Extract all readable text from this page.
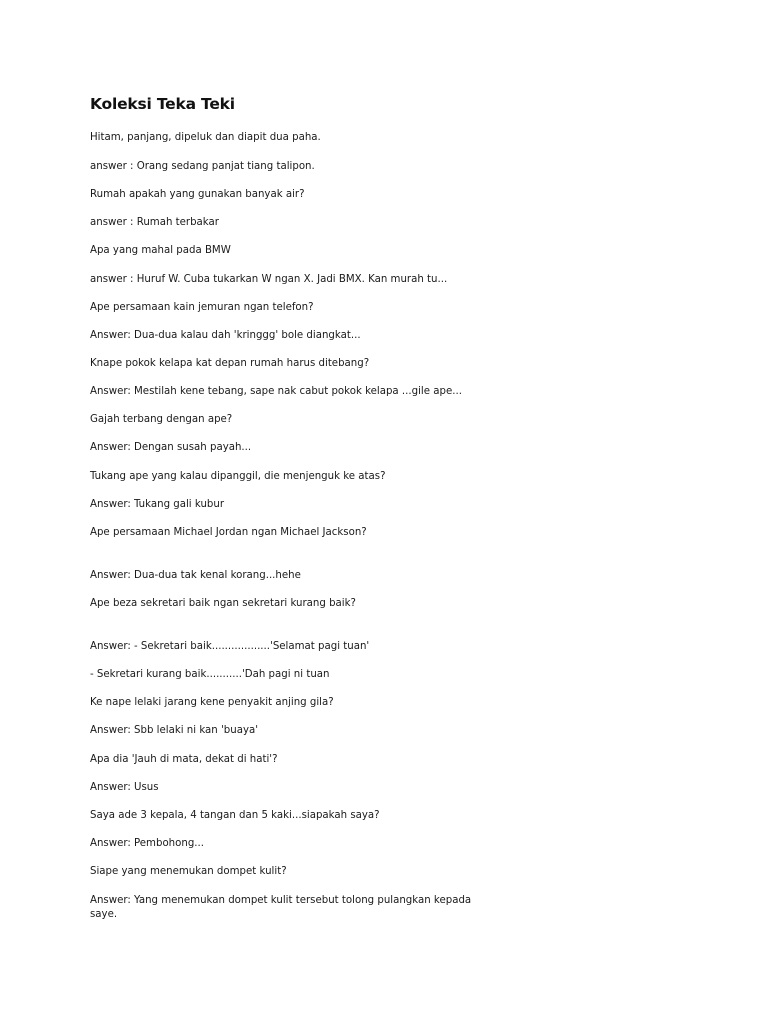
Koleksi Teka Teki

Hitam, panjang, dipeluk dan diapit dua paha.

answer : Orang sedang panjat tiang talipon.

Rumah apakah yang gunakan banyak air?

answer : Rumah terbakar

Apa yang mahal pada BMW

answer : Huruf W. Cuba tukarkan W ngan X. Jadi BMX. Kan murah tu...

Ape persamaan kain jemuran ngan telefon?

Answer: Dua-dua kalau dah 'kringgg' bole diangkat...

Knape pokok kelapa kat depan rumah harus ditebang?

Answer: Mestilah kene tebang, sape nak cabut pokok kelapa ...gile ape...

Gajah terbang dengan ape?

Answer: Dengan susah payah...

Tukang ape yang kalau dipanggil, die menjenguk ke atas?

Answer: Tukang gali kubur

Ape persamaan Michael Jordan ngan Michael Jackson?

Answer: Dua-dua tak kenal korang...hehe

Ape beza sekretari baik ngan sekretari kurang baik?

Answer: - Sekretari baik..................'Selamat pagi tuan'

- Sekretari kurang baik...........'Dah pagi ni tuan

Ke nape lelaki jarang kene penyakit anjing gila?

Answer: Sbb lelaki ni kan 'buaya'

Apa dia 'Jauh di mata, dekat di hati'?

Answer: Usus

Saya ade 3 kepala, 4 tangan dan 5 kaki...siapakah saya?

Answer: Pembohong...

Siape yang menemukan dompet kulit?

Answer: Yang menemukan dompet kulit tersebut tolong pulangkan kepada saye.
